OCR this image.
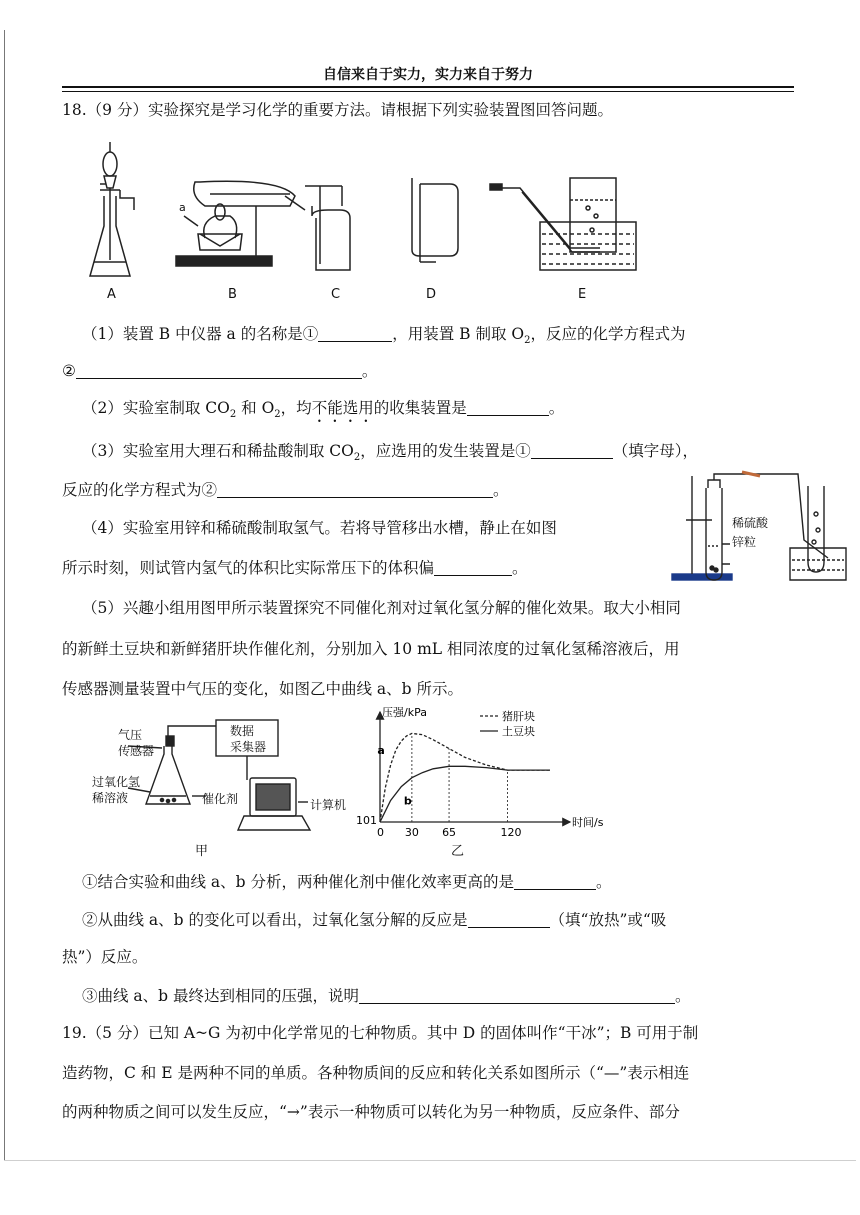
自信来自于实力，实力来自于努力
18.（9 分）实验探究是学习化学的重要方法。请根据下列实验装置图回答问题。
A	B	C	D	E
a
（1）装置 B 中仪器 a 的名称是①	，用装置 B 制取 $O_2$，反应的化学方程式为
②	。
（2）实验室制取 $CO_2$ 和 $O_2$，均不能选用的收集装置是	。
（3）实验室用大理石和稀盐酸制取 $CO_2$，应选用的发生装置是①	（填字母），
反应的化学方程式为②	。
（4）实验室用锌和稀硫酸制取氢气。若将导管移出水槽，静止在如图
所示时刻，则试管内氢气的体积比实际常压下的体积偏	。
稀硫酸
锌粒
（5）兴趣小组用图甲所示装置探究不同催化剂对过氧化氢分解的催化效果。取大小相同
的新鲜土豆块和新鲜猪肝块作催化剂，分别加入 10 mL 相同浓度的过氧化氢稀溶液后，用
传感器测量装置中气压的变化，如图乙中曲线 a、b 所示。
气压
传感器
数据
采集器
过氧化氢
稀溶液	催化剂	计算机
甲
a
b
0 30 65	120
101
猪肝块
土豆块
压强/kPa
时间/s
乙
①结合实验和曲线 a、b 分析，两种催化剂中催化效率更高的是	。
②从曲线 a、b 的变化可以看出，过氧化氢分解的反应是	（填“放热”或“吸
热”）反应。
③曲线 a、b 最终达到相同的压强，说明	。
19.（5 分）已知 A~G 为初中化学常见的七种物质。其中 D 的固体叫作“干冰”；B 可用于制
造药物，C 和 E 是两种不同的单质。各种物质间的反应和转化关系如图所示（“—”表示相连
的两种物质之间可以发生反应，“→”表示一种物质可以转化为另一种物质，反应条件、部分
